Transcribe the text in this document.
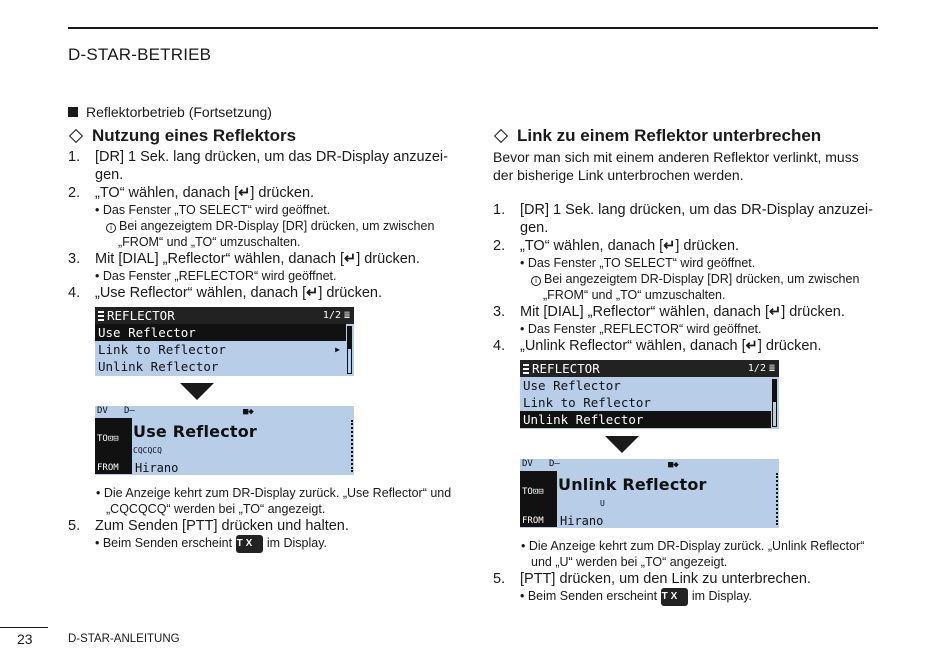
D-STAR-BETRIEB
Reflektorbetrieb (Fortsetzung)
Nutzung eines Reflektors
1.	[DR] 1 Sek. lang drücken, um das DR-Display anzuzei-gen.
2.	„TO“ wählen, danach [↵] drücken.
• Das Fenster „TO SELECT“ wird geöffnet.
i Bei angezeigtem DR-Display [DR] drücken, um zwischen „FROM“ und „TO“ umzuschalten.
3.	Mit [DIAL] „Reflector“ wählen, danach [↵] drücken.
• Das Fenster „REFLECTOR“ wird geöffnet.
4.	„Use Reflector“ wählen, danach [↵] drücken.
REFLECTOR	1/2 ≣
Use Reflector
Link to Reflector	▶
Unlink Reflector
DV D–	■◆
TO⊡⊟ Use Reflector
CQCQCQ
FROM	Hirano
• Die Anzeige kehrt zum DR-Display zurück. „Use Reflector“ und „CQCQCQ“ werden bei „TO“ angezeigt.
5.	Zum Senden [PTT] drücken und halten.
• Beim Senden erscheint TX im Display.
Link zu einem Reflektor unterbrechen
Bevor man sich mit einem anderen Reflektor verlinkt, muss der bisherige Link unterbrochen werden.
1.	[DR] 1 Sek. lang drücken, um das DR-Display anzuzei-gen.
2.	„TO“ wählen, danach [↵] drücken.
• Das Fenster „TO SELECT“ wird geöffnet.
i Bei angezeigtem DR-Display [DR] drücken, um zwischen „FROM“ und „TO“ umzuschalten.
3.	Mit [DIAL] „Reflector“ wählen, danach [↵] drücken.
• Das Fenster „REFLECTOR“ wird geöffnet.
4.	„Unlink Reflector“ wählen, danach [↵] drücken.
REFLECTOR	1/2 ≣
Use Reflector
Link to Reflector
Unlink Reflector
DV D–	■◆
TO⊡⊟ Unlink Reflector
U
FROM	Hirano
• Die Anzeige kehrt zum DR-Display zurück. „Unlink Reflector“ und „U“ werden bei „TO“ angezeigt.
5.	[PTT] drücken, um den Link zu unterbrechen.
• Beim Senden erscheint TX im Display.
23	D-STAR-ANLEITUNG
